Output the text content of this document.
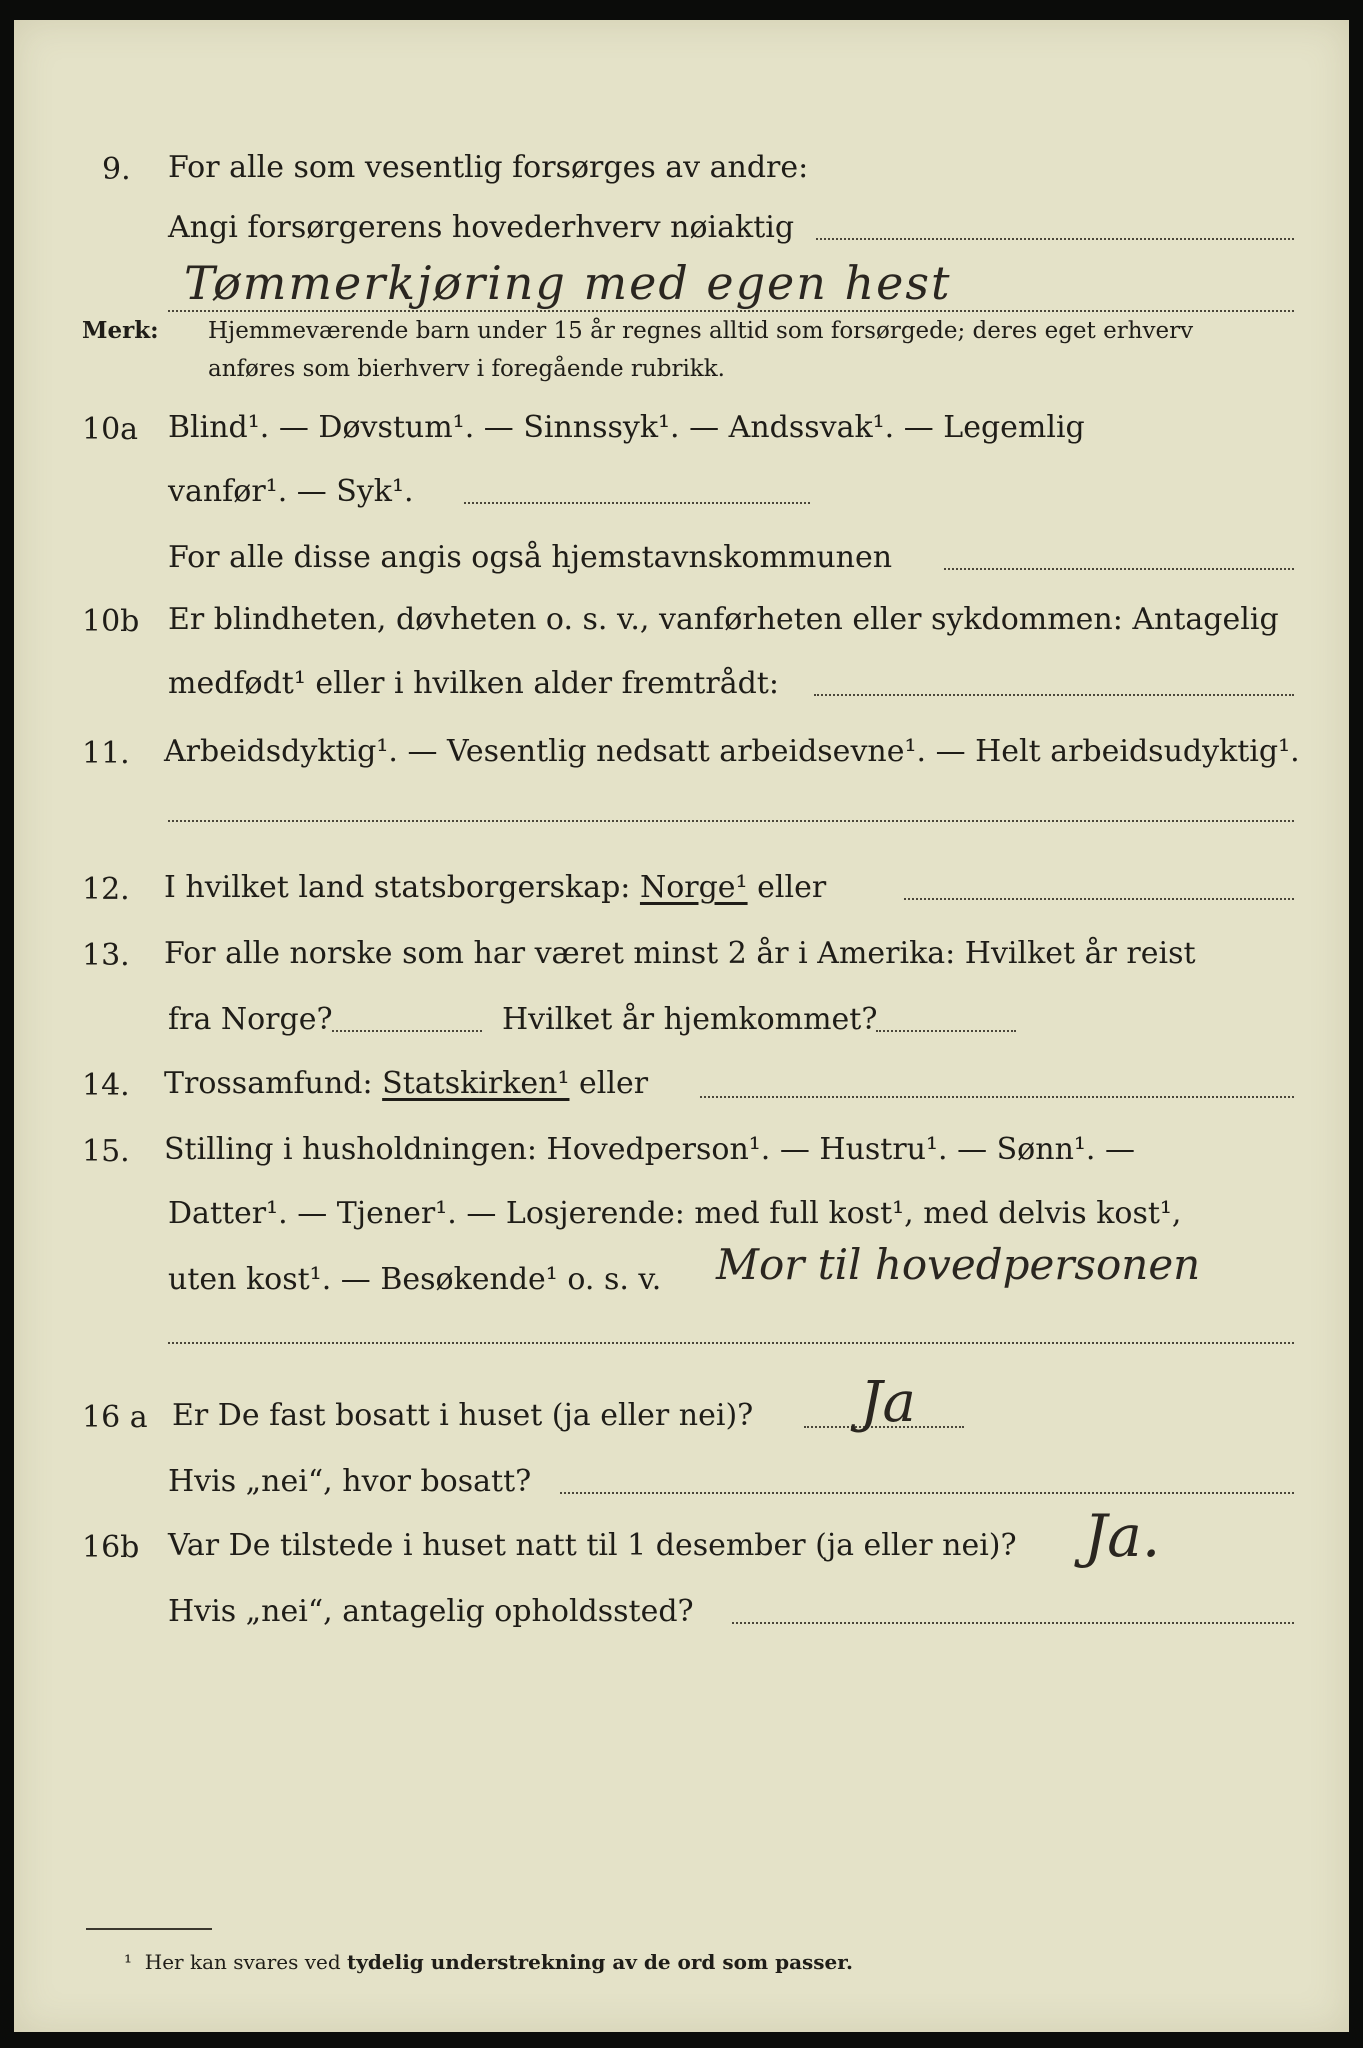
9. For alle som vesentlig forsørges av andre:
Angi forsørgerens hovederhverv nøiaktig
Tømmerkjøring med egen hest
Merk: Hjemmeværende barn under 15 år regnes alltid som forsørgede; deres eget erhverv
anføres som bierhverv i foregående rubrikk.
10a Blind¹. — Døvstum¹. — Sinnssyk¹. — Andssvak¹. — Legemlig
vanfør¹. — Syk¹.
For alle disse angis også hjemstavnskommunen
10b Er blindheten, døvheten o. s. v., vanførheten eller sykdommen: Antagelig
medfødt¹ eller i hvilken alder fremtrådt:
11. Arbeidsdyktig¹. — Vesentlig nedsatt arbeidsevne¹. — Helt arbeidsudyktig¹.
12. I hvilket land statsborgerskap: Norge¹ eller
13. For alle norske som har været minst 2 år i Amerika: Hvilket år reist
fra Norge?	Hvilket år hjemkommet?
14. Trossamfund: Statskirken¹ eller
15. Stilling i husholdningen: Hovedperson¹. — Hustru¹. — Sønn¹. —
Datter¹. — Tjener¹. — Losjerende: med full kost¹, med delvis kost¹,
uten kost¹. — Besøkende¹ o. s. v. Mor til hovedpersonen
16 a Er De fast bosatt i huset (ja eller nei)? Ja
Hvis „nei“, hvor bosatt?
16b Var De tilstede i huset natt til 1 desember (ja eller nei)? Ja.
Hvis „nei“, antagelig opholdssted?
¹ Her kan svares ved tydelig understrekning av de ord som passer.
